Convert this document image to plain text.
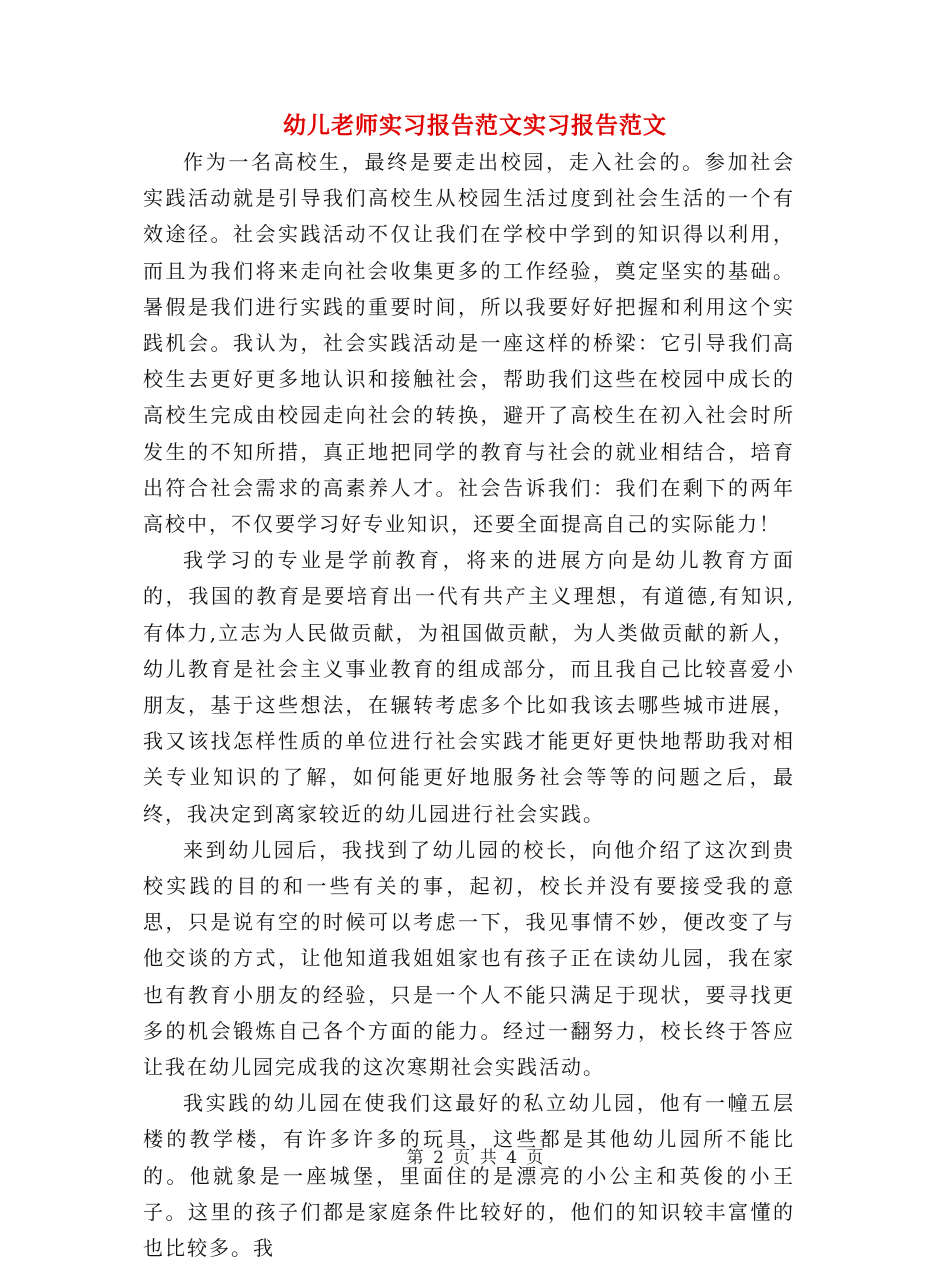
幼儿老师实习报告范文实习报告范文

作为一名高校生，最终是要走出校园，走入社会的。参加社会实践活动就是引导我们高校生从校园生活过度到社会生活的一个有效途径。社会实践活动不仅让我们在学校中学到的知识得以利用，而且为我们将来走向社会收集更多的工作经验，奠定坚实的基础。暑假是我们进行实践的重要时间，所以我要好好把握和利用这个实践机会。我认为，社会实践活动是一座这样的桥梁：它引导我们高校生去更好更多地认识和接触社会，帮助我们这些在校园中成长的高校生完成由校园走向社会的转换，避开了高校生在初入社会时所发生的不知所措，真正地把同学的教育与社会的就业相结合，培育出符合社会需求的高素养人才。社会告诉我们：我们在剩下的两年高校中，不仅要学习好专业知识，还要全面提高自己的实际能力！

我学习的专业是学前教育，将来的进展方向是幼儿教育方面的，我国的教育是要培育出一代有共产主义理想，有道德,有知识,有体力,立志为人民做贡献，为祖国做贡献，为人类做贡献的新人，幼儿教育是社会主义事业教育的组成部分，而且我自己比较喜爱小朋友，基于这些想法，在辗转考虑多个比如我该去哪些城市进展，我又该找怎样性质的单位进行社会实践才能更好更快地帮助我对相关专业知识的了解，如何能更好地服务社会等等的问题之后，最终，我决定到离家较近的幼儿园进行社会实践。

来到幼儿园后，我找到了幼儿园的校长，向他介绍了这次到贵校实践的目的和一些有关的事，起初，校长并没有要接受我的意思，只是说有空的时候可以考虑一下，我见事情不妙，便改变了与他交谈的方式，让他知道我姐姐家也有孩子正在读幼儿园，我在家也有教育小朋友的经验，只是一个人不能只满足于现状，要寻找更多的机会锻炼自己各个方面的能力。经过一翻努力，校长终于答应让我在幼儿园完成我的这次寒期社会实践活动。

我实践的幼儿园在使我们这最好的私立幼儿园，他有一幢五层楼的教学楼，有许多许多的玩具，这些都是其他幼儿园所不能比的。他就象是一座城堡，里面住的是漂亮的小公主和英俊的小王子。这里的孩子们都是家庭条件比较好的，他们的知识较丰富懂的也比较多。我

第 2 页 共 4 页
